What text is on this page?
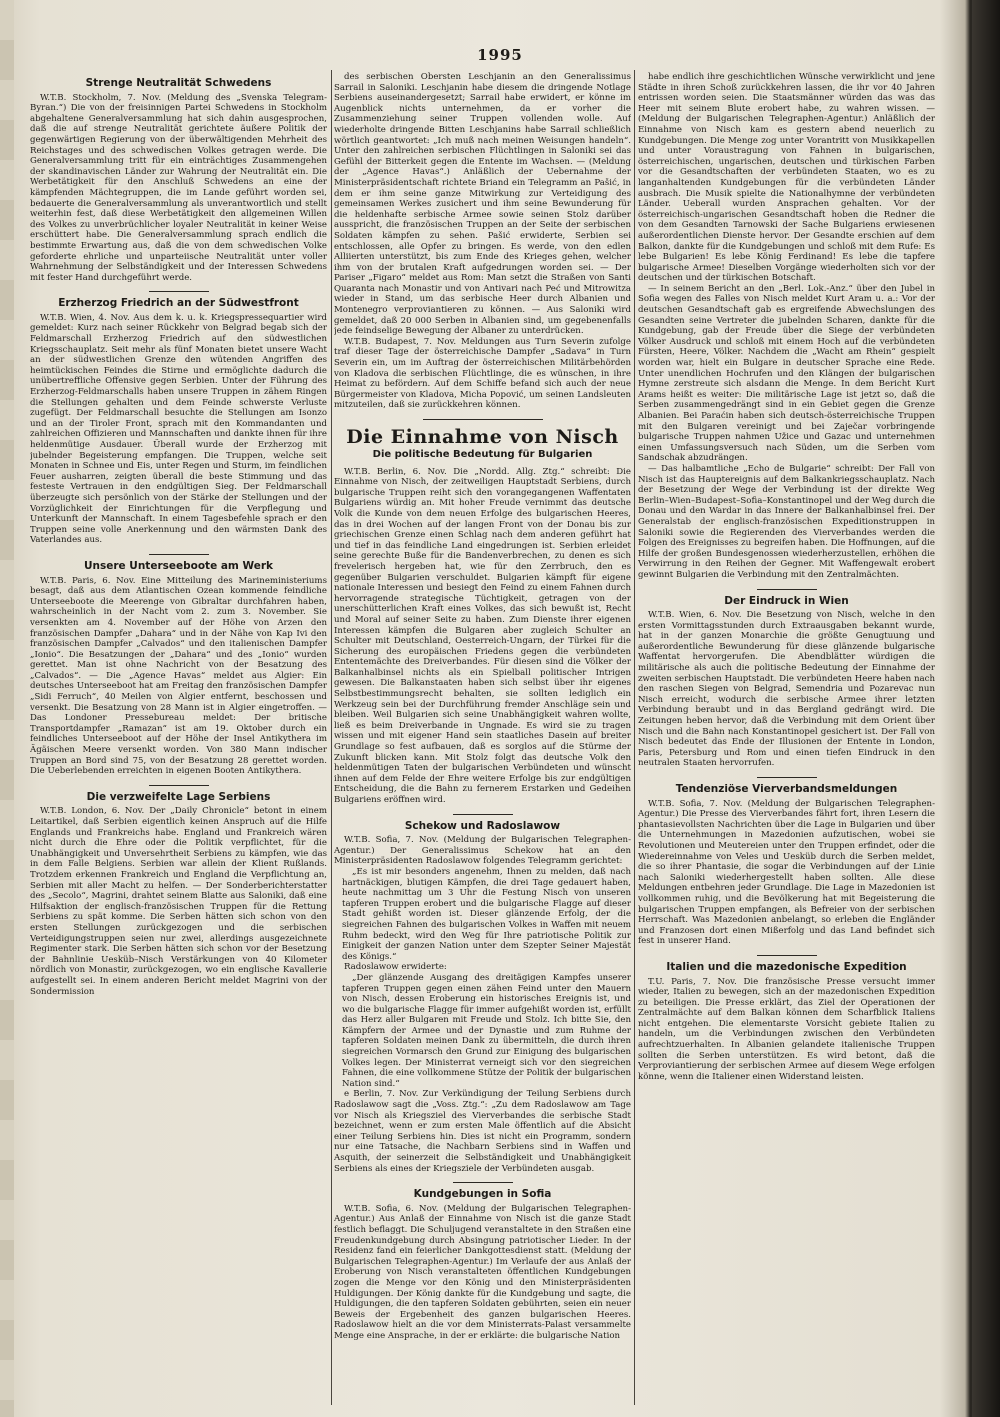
1995
Strenge Neutralität Schwedens

W.T.B. Stockholm, 7. Nov. (Meldung des „Svenska Telegram-Byran.“) Die von der freisinnigen Partei Schwedens in Stockholm abgehaltene Generalversammlung hat sich dahin ausgesprochen, daß die auf strenge Neutralität gerichtete äußere Politik der gegenwärtigen Regierung von der überwältigenden Mehrheit des Reichstages und des schwedischen Volkes getragen werde. Die Generalversammlung tritt für ein einträchtiges Zusammengehen der skandinavischen Länder zur Wahrung der Neutralität ein. Die Werbetätigkeit für den Anschluß Schwedens an eine der kämpfenden Mächtegruppen, die im Lande geführt worden sei, bedauerte die Generalversammlung als unverantwortlich und stellt weiterhin fest, daß diese Werbetätigkeit den allgemeinen Willen des Volkes zu unverbrüchlicher loyaler Neutralität in keiner Weise erschüttert habe. Die Generalversammlung sprach endlich die bestimmte Erwartung aus, daß die von dem schwedischen Volke geforderte ehrliche und unparteiische Neutralität unter voller Wahrnehmung der Selbständigkeit und der Interessen Schwedens mit fester Hand durchgeführt werde.

Erzherzog Friedrich an der Südwestfront

W.T.B. Wien, 4. Nov. Aus dem k. u. k. Kriegspressequartier wird gemeldet: Kurz nach seiner Rückkehr von Belgrad begab sich der Feldmarschall Erzherzog Friedrich auf den südwestlichen Kriegsschauplatz. Seit mehr als fünf Monaten bietet unsere Wacht an der südwestlichen Grenze den wütenden Angriffen des heimtückischen Feindes die Stirne und ermöglichte dadurch die unübertreffliche Offensive gegen Serbien. Unter der Führung des Erzherzog-Feldmarschalls haben unsere Truppen in zähem Ringen die Stellungen gehalten und dem Feinde schwerste Verluste zugefügt. Der Feldmarschall besuchte die Stellungen am Isonzo und an der Tiroler Front, sprach mit den Kommandanten und zahlreichen Offizieren und Mannschaften und dankte ihnen für ihre heldenmütige Ausdauer. Überall wurde der Erzherzog mit jubelnder Begeisterung empfangen. Die Truppen, welche seit Monaten in Schnee und Eis, unter Regen und Sturm, im feindlichen Feuer ausharren, zeigten überall die beste Stimmung und das festeste Vertrauen in den endgültigen Sieg. Der Feldmarschall überzeugte sich persönlich von der Stärke der Stellungen und der Vorzüglichkeit der Einrichtungen für die Verpflegung und Unterkunft der Mannschaft. In einem Tagesbefehle sprach er den Truppen seine volle Anerkennung und den wärmsten Dank des Vaterlandes aus.

Unsere Unterseeboote am Werk

W.T.B. Paris, 6. Nov. Eine Mitteilung des Marineministeriums besagt, daß aus dem Atlantischen Ozean kommende feindliche Unterseeboote die Meerenge von Gibraltar durchfahren haben, wahrscheinlich in der Nacht vom 2. zum 3. November. Sie versenkten am 4. November auf der Höhe von Arzen den französischen Dampfer „Dahara“ und in der Nähe von Kap Ivi den französischen Dampfer „Calvados“ und den italienischen Dampfer „Ionio“. Die Besatzungen der „Dahara“ und des „Ionio“ wurden gerettet. Man ist ohne Nachricht von der Besatzung des „Calvados“. — Die „Agence Havas“ meldet aus Algier: Ein deutsches Unterseeboot hat am Freitag den französischen Dampfer „Sidi Ferruch“, 40 Meilen von Algier entfernt, beschossen und versenkt. Die Besatzung von 28 Mann ist in Algier eingetroffen. — Das Londoner Pressebureau meldet: Der britische Transportdampfer „Ramazan“ ist am 19. Oktober durch ein feindliches Unterseeboot auf der Höhe der Insel Antikythera im Ägäischen Meere versenkt worden. Von 380 Mann indischer Truppen an Bord sind 75, von der Besatzung 28 gerettet worden. Die Ueberlebenden erreichten in eigenen Booten Antikythera.

Die verzweifelte Lage Serbiens

W.T.B. London, 6. Nov. Der „Daily Chronicle“ betont in einem Leitartikel, daß Serbien eigentlich keinen Anspruch auf die Hilfe Englands und Frankreichs habe. England und Frankreich wären nicht durch die Ehre oder die Politik verpflichtet, für die Unabhängigkeit und Unversehrtheit Serbiens zu kämpfen, wie das in dem Falle Belgiens. Serbien war allein der Klient Rußlands. Trotzdem erkennen Frankreich und England die Verpflichtung an, Serbien mit aller Macht zu helfen. — Der Sonderberichterstatter des „Secolo“, Magrini, drahtet seinem Blatte aus Saloniki, daß eine Hilfsaktion der englisch-französischen Truppen für die Rettung Serbiens zu spät komme. Die Serben hätten sich schon von den ersten Stellungen zurückgezogen und die serbischen Verteidigungstruppen seien nur zwei, allerdings ausgezeichnete Regimenter stark. Die Serben hätten sich schon vor der Besetzung der Bahnlinie Uesküb–Nisch Verstärkungen von 40 Kilometer nördlich von Monastir, zurückgezogen, wo ein englische Kavallerie aufgestellt sei. In einem anderen Bericht meldet Magrini von der Sondermission

des serbischen Obersten Leschjanin an den Generalissimus Sarrail in Saloniki. Leschjanin habe diesem die dringende Notlage Serbiens auseinandergesetzt; Sarrail habe erwidert, er könne im Augenblick nichts unternehmen, da er vorher die Zusammenziehung seiner Truppen vollenden wolle. Auf wiederholte dringende Bitten Leschjanins habe Sarrail schließlich wörtlich geantwortet: „Ich muß nach meinen Weisungen handeln“. Unter den zahlreichen serbischen Flüchtlingen in Saloniki sei das Gefühl der Bitterkeit gegen die Entente im Wachsen. — (Meldung der „Agence Havas“.) Anläßlich der Uebernahme der Ministerpräsidentschaft richtete Briand ein Telegramm an Pašić, in dem er ihm seine ganze Mitwirkung zur Verteidigung des gemeinsamen Werkes zusichert und ihm seine Bewunderung für die heldenhafte serbische Armee sowie seinen Stolz darüber ausspricht, die französischen Truppen an der Seite der serbischen Soldaten kämpfen zu sehen. Pašić erwiderte, Serbien sei entschlossen, alle Opfer zu bringen. Es werde, von den edlen Alliierten unterstützt, bis zum Ende des Krieges gehen, welcher ihm von der brutalen Kraft aufgedrungen worden sei. — Der Pariser „Figaro“ meldet aus Rom: Man setzt die Straßen von Santi Quaranta nach Monastir und von Antivari nach Peć und Mitrowitza wieder in Stand, um das serbische Heer durch Albanien und Montenegro verproviantieren zu können. — Aus Saloniki wird gemeldet, daß 20 000 Serben in Albanien sind, um gegebenenfalls jede feindselige Bewegung der Albaner zu unterdrücken.

W.T.B. Budapest, 7. Nov. Meldungen aus Turn Severin zufolge traf dieser Tage der österreichische Dampfer „Sadava“ in Turn Severin ein, um im Auftrag der österreichischen Militärbehörden von Kladova die serbischen Flüchtlinge, die es wünschen, in ihre Heimat zu befördern. Auf dem Schiffe befand sich auch der neue Bürgermeister von Kladova, Micha Popović, um seinen Landsleuten mitzuteilen, daß sie zurückkehren können.

Die Einnahme von Nisch
Die politische Bedeutung für Bulgarien

W.T.B. Berlin, 6. Nov. Die „Nordd. Allg. Ztg.“ schreibt: Die Einnahme von Nisch, der zeitweiligen Hauptstadt Serbiens, durch bulgarische Truppen reiht sich den vorangegangenen Waffentaten Bulgariens würdig an. Mit hoher Freude vernimmt das deutsche Volk die Kunde von dem neuen Erfolge des bulgarischen Heeres, das in drei Wochen auf der langen Front von der Donau bis zur griechischen Grenze einen Schlag nach dem anderen geführt hat und tief in das feindliche Land eingedrungen ist. Serbien erleidet seine gerechte Buße für die Bandenverbrechen, zu denen es sich frevelerisch hergeben hat, wie für den Zerrbruch, den es gegenüber Bulgarien verschuldet. Bulgarien kämpft für eigene nationale Interessen und besiegt den Feind zu einem Fahnen durch hervorragende strategische Tüchtigkeit, getragen von der unerschütterlichen Kraft eines Volkes, das sich bewußt ist, Recht und Moral auf seiner Seite zu haben. Zum Dienste ihrer eigenen Interessen kämpfen die Bulgaren aber zugleich Schulter an Schulter mit Deutschland, Oesterreich-Ungarn, der Türkei für die Sicherung des europäischen Friedens gegen die verbündeten Ententemächte des Dreiverbandes. Für diesen sind die Völker der Balkanhalbinsel nichts als ein Spielball politischer Intrigen gewesen. Die Balkanstaaten haben sich selbst über ihr eigenes Selbstbestimmungsrecht behalten, sie sollten lediglich ein Werkzeug sein bei der Durchführung fremder Anschläge sein und bleiben. Weil Bulgarien sich seine Unabhängigkeit wahren wollte, ließ es beim Dreiverbande in Ungnade. Es wird sie zu tragen wissen und mit eigener Hand sein staatliches Dasein auf breiter Grundlage so fest aufbauen, daß es sorglos auf die Stürme der Zukunft blicken kann. Mit Stolz folgt das deutsche Volk den heldenmütigen Taten der bulgarischen Verbündeten und wünscht ihnen auf dem Felde der Ehre weitere Erfolge bis zur endgültigen Entscheidung, die die Bahn zu fernerem Erstarken und Gedeihen Bulgariens eröffnen wird.

Schekow und Radoslawow

W.T.B. Sofia, 7. Nov. (Meldung der Bulgarischen Telegraphen-Agentur.) Der Generalissimus Schekow hat an den Ministerpräsidenten Radoslawow folgendes Telegramm gerichtet:

„Es ist mir besonders angenehm, Ihnen zu melden, daß nach hartnäckigen, blutigen Kämpfen, die drei Tage gedauert haben, heute nachmittag um 3 Uhr die Festung Nisch von unseren tapferen Truppen erobert und die bulgarische Flagge auf dieser Stadt gehißt worden ist. Dieser glänzende Erfolg, der die siegreichen Fahnen des bulgarischen Volkes in Waffen mit neuem Ruhm bedeckt, wird den Weg für Ihre patriotische Politik zur Einigkeit der ganzen Nation unter dem Szepter Seiner Majestät des Königs.“

Radoslawow erwiderte:

„Der glänzende Ausgang des dreitägigen Kampfes unserer tapferen Truppen gegen einen zähen Feind unter den Mauern von Nisch, dessen Eroberung ein historisches Ereignis ist, und wo die bulgarische Flagge für immer aufgehißt worden ist, erfüllt das Herz aller Bulgaren mit Freude und Stolz. Ich bitte Sie, den Kämpfern der Armee und der Dynastie und zum Ruhme der tapferen Soldaten meinen Dank zu übermitteln, die durch ihren siegreichen Vormarsch den Grund zur Einigung des bulgarischen Volkes legen. Der Ministerrat verneigt sich vor den siegreichen Fahnen, die eine vollkommene Stütze der Politik der bulgarischen Nation sind.“

e Berlin, 7. Nov. Zur Verkündigung der Teilung Serbiens durch Radoslawow sagt die „Voss. Ztg.“: „Zu dem Radoslawow am Tage vor Nisch als Kriegsziel des Vierverbandes die serbische Stadt bezeichnet, wenn er zum ersten Male öffentlich auf die Absicht einer Teilung Serbiens hin. Dies ist nicht ein Programm, sondern nur eine Tatsache, die Nachbarn Serbiens sind in Waffen und Asquith, der seinerzeit die Selbständigkeit und Unabhängigkeit Serbiens als eines der Kriegsziele der Verbündeten ausgab.

Kundgebungen in Sofia

W.T.B. Sofia, 6. Nov. (Meldung der Bulgarischen Telegraphen-Agentur.) Aus Anlaß der Einnahme von Nisch ist die ganze Stadt festlich beflaggt. Die Schuljugend veranstaltete in den Straßen eine Freudenkundgebung durch Absingung patriotischer Lieder. In der Residenz fand ein feierlicher Dankgottesdienst statt. (Meldung der Bulgarischen Telegraphen-Agentur.) Im Verlaufe der aus Anlaß der Eroberung von Nisch veranstalteten öffentlichen Kundgebungen zogen die Menge vor den König und den Ministerpräsidenten Huldigungen. Der König dankte für die Kundgebung und sagte, die Huldigungen, die den tapferen Soldaten gebührten, seien ein neuer Beweis der Ergebenheit des ganzen bulgarischen Heeres. Radoslawow hielt an die vor dem Ministerrats-Palast versammelte Menge eine Ansprache, in der er erklärte: die bulgarische Nation

habe endlich ihre geschichtlichen Wünsche verwirklicht und jene Städte in ihren Schoß zurückkehren lassen, die ihr vor 40 Jahren entrissen worden seien. Die Staatsmänner würden das was das Heer mit seinem Blute erobert habe, zu wahren wissen. — (Meldung der Bulgarischen Telegraphen-Agentur.) Anläßlich der Einnahme von Nisch kam es gestern abend neuerlich zu Kundgebungen. Die Menge zog unter Vorantritt von Musikkapellen und unter Voraustragung von Fahnen in bulgarischen, österreichischen, ungarischen, deutschen und türkischen Farben vor die Gesandtschaften der verbündeten Staaten, wo es zu langanhaltenden Kundgebungen für die verbündeten Länder ausbrach. Die Musik spielte die Nationalhymne der verbündeten Länder. Ueberall wurden Ansprachen gehalten. Vor der österreichisch-ungarischen Gesandtschaft hoben die Redner die von dem Gesandten Tarnowski der Sache Bulgariens erwiesenen außerordentlichen Dienste hervor. Der Gesandte erschien auf dem Balkon, dankte für die Kundgebungen und schloß mit dem Rufe: Es lebe Bulgarien! Es lebe König Ferdinand! Es lebe die tapfere bulgarische Armee! Dieselben Vorgänge wiederholten sich vor der deutschen und der türkischen Botschaft.

— In seinem Bericht an den „Berl. Lok.-Anz.“ über den Jubel in Sofia wegen des Falles von Nisch meldet Kurt Aram u. a.: Vor der deutschen Gesandtschaft gab es ergreifende Abwechslungen des Gesandten seine Vertreter die jubelnden Scharen, dankte für die Kundgebung, gab der Freude über die Siege der verbündeten Völker Ausdruck und schloß mit einem Hoch auf die verbündeten Fürsten, Heere, Völker. Nachdem die „Wacht am Rhein“ gespielt worden war, hielt ein Bulgare in deutscher Sprache eine Rede. Unter unendlichen Hochrufen und den Klängen der bulgarischen Hymne zerstreute sich alsdann die Menge. In dem Bericht Kurt Arams heißt es weiter: Die militärische Lage ist jetzt so, daß die Serben zusammengedrängt sind in ein Gebiet gegen die Grenze Albanien. Bei Paraćin haben sich deutsch-österreichische Truppen mit den Bulgaren vereinigt und bei Zaječar vorbringende bulgarische Truppen nahmen Užice und Gazac und unternehmen einen Umfassungsversuch nach Süden, um die Serben vom Sandschak abzudrängen.

— Das halbamtliche „Echo de Bulgarie“ schreibt: Der Fall von Nisch ist das Hauptereignis auf dem Balkankriegsschauplatz. Nach der Besetzung der Wege der Verbindung ist der direkte Weg Berlin–Wien–Budapest–Sofia–Konstantinopel und der Weg durch die Donau und den Wardar in das Innere der Balkanhalbinsel frei. Der Generalstab der englisch-französischen Expeditionstruppen in Saloniki sowie die Regierenden des Vierverbandes werden die Folgen des Ereignisses zu begreifen haben. Die Hoffnungen, auf die Hilfe der großen Bundesgenossen wiederherzustellen, erhöhen die Verwirrung in den Reihen der Gegner. Mit Waffengewalt erobert gewinnt Bulgarien die Verbindung mit den Zentralmächten.

Der Eindruck in Wien

W.T.B. Wien, 6. Nov. Die Besetzung von Nisch, welche in den ersten Vormittagsstunden durch Extraausgaben bekannt wurde, hat in der ganzen Monarchie die größte Genugtuung und außerordentliche Bewunderung für diese glänzende bulgarische Waffentat hervorgerufen. Die Abendblätter würdigen die militärische als auch die politische Bedeutung der Einnahme der zweiten serbischen Hauptstadt. Die verbündeten Heere haben nach den raschen Siegen von Belgrad, Semendria und Pozarevac nun Nisch erreicht, wodurch die serbische Armee ihrer letzten Verbindung beraubt und in das Bergland gedrängt wird. Die Zeitungen heben hervor, daß die Verbindung mit dem Orient über Nisch und die Bahn nach Konstantinopel gesichert ist. Der Fall von Nisch bedeutet das Ende der Illusionen der Entente in London, Paris, Petersburg und Rom und einen tiefen Eindruck in den neutralen Staaten hervorrufen.

Tendenziöse Vierverbandsmeldungen

W.T.B. Sofia, 7. Nov. (Meldung der Bulgarischen Telegraphen-Agentur.) Die Presse des Vierverbandes fährt fort, ihren Lesern die phantasievollsten Nachrichten über die Lage in Bulgarien und über die Unternehmungen in Mazedonien aufzutischen, wobei sie Revolutionen und Meutereien unter den Truppen erfindet, oder die Wiedereinnahme von Veles und Uesküb durch die Serben meldet, die so ihrer Phantasie, die sogar die Verbindungen auf der Linie nach Saloniki wiederhergestellt haben sollten. Alle diese Meldungen entbehren jeder Grundlage. Die Lage in Mazedonien ist vollkommen ruhig, und die Bevölkerung hat mit Begeisterung die bulgarischen Truppen empfangen, als Befreier von der serbischen Herrschaft. Was Mazedonien anbelangt, so erleben die Engländer und Franzosen dort einen Mißerfolg und das Land befindet sich fest in unserer Hand.

Italien und die mazedonische Expedition

T.U. Paris, 7. Nov. Die französische Presse versucht immer wieder, Italien zu bewegen, sich an der mazedonischen Expedition zu beteiligen. Die Presse erklärt, das Ziel der Operationen der Zentralmächte auf dem Balkan können dem Scharfblick Italiens nicht entgehen. Die elementarste Vorsicht gebiete Italien zu handeln, um die Verbindungen zwischen den Verbündeten aufrechtzuerhalten. In Albanien gelandete italienische Truppen sollten die Serben unterstützen. Es wird betont, daß die Verproviantierung der serbischen Armee auf diesem Wege erfolgen könne, wenn die Italiener einen Widerstand leisten.
